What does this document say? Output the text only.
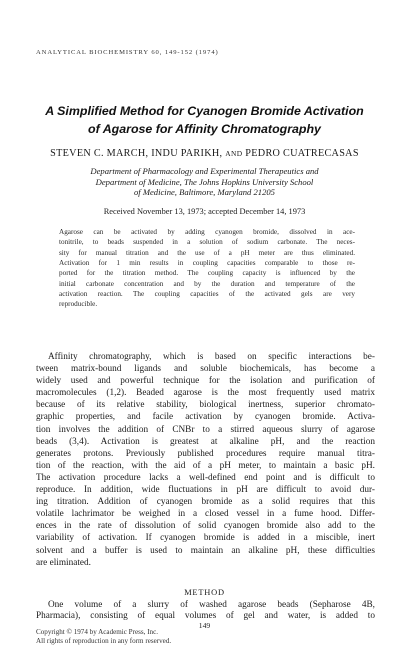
ANALYTICAL BIOCHEMISTRY 60, 149-152 (1974)
A Simplified Method for Cyanogen Bromide Activation
of Agarose for Affinity Chromatography
STEVEN C. MARCH, INDU PARIKH, AND PEDRO CUATRECASAS
Department of Pharmacology and Experimental Therapeutics and
Department of Medicine, The Johns Hopkins University School
of Medicine, Baltimore, Maryland 21205
Received November 13, 1973; accepted December 14, 1973
Agarose can be activated by adding cyanogen bromide, dissolved in ace-
tonitrile, to beads suspended in a solution of sodium carbonate. The neces-
sity for manual titration and the use of a pH meter are thus eliminated.
Activation for 1 min results in coupling capacities comparable to those re-
ported for the titration method. The coupling capacity is influenced by the
initial carbonate concentration and by the duration and temperature of the
activation reaction. The coupling capacities of the activated gels are very
reproducible.
Affinity chromatography, which is based on specific interactions be-
tween matrix-bound ligands and soluble biochemicals, has become a
widely used and powerful technique for the isolation and purification of
macromolecules (1,2). Beaded agarose is the most frequently used matrix
because of its relative stability, biological inertness, superior chromato-
graphic properties, and facile activation by cyanogen bromide. Activa-
tion involves the addition of CNBr to a stirred aqueous slurry of agarose
beads (3,4). Activation is greatest at alkaline pH, and the reaction
generates protons. Previously published procedures require manual titra-
tion of the reaction, with the aid of a pH meter, to maintain a basic pH.
The activation procedure lacks a well-defined end point and is difficult to
reproduce. In addition, wide fluctuations in pH are difficult to avoid dur-
ing titration. Addition of cyanogen bromide as a solid requires that this
volatile lachrimator be weighed in a closed vessel in a fume hood. Differ-
ences in the rate of dissolution of solid cyanogen bromide also add to the
variability of activation. If cyanogen bromide is added in a miscible, inert
solvent and a buffer is used to maintain an alkaline pH, these difficulties
are eliminated.
METHOD
One volume of a slurry of washed agarose beads (Sepharose 4B,
Pharmacia), consisting of equal volumes of gel and water, is added to
149
Copyright © 1974 by Academic Press, Inc.
All rights of reproduction in any form reserved.
